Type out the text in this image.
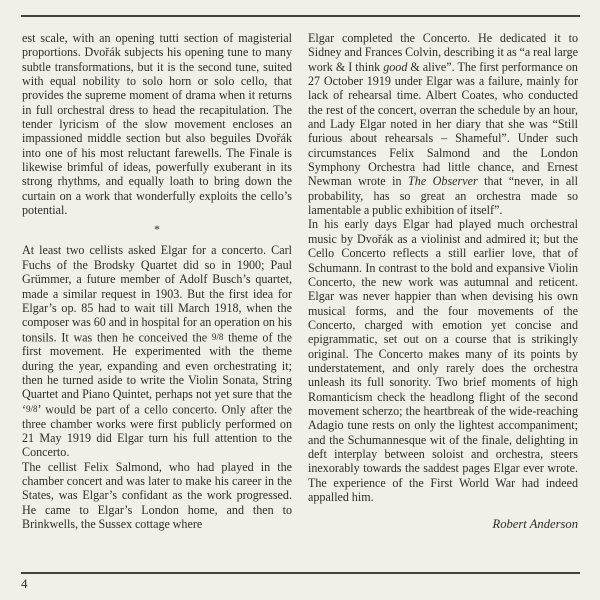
est scale, with an opening tutti section of magisterial proportions. Dvořák subjects his opening tune to many subtle transformations, but it is the second tune, suited with equal nobility to solo horn or solo cello, that provides the supreme moment of drama when it returns in full orchestral dress to head the recapitulation. The tender lyricism of the slow movement encloses an impassioned middle section but also beguiles Dvořák into one of his most reluctant farewells. The Finale is likewise brimful of ideas, powerfully exuberant in its strong rhythms, and equally loath to bring down the curtain on a work that wonderfully exploits the cello’s potential.

*

At least two cellists asked Elgar for a concerto. Carl Fuchs of the Brodsky Quartet did so in 1900; Paul Grümmer, a future member of Adolf Busch’s quartet, made a similar request in 1903. But the first idea for Elgar’s op. 85 had to wait till March 1918, when the composer was 60 and in hospital for an operation on his tonsils. It was then he conceived the 9/8 theme of the first movement. He experimented with the theme during the year, expanding and even orchestrating it; then he turned aside to write the Violin Sonata, String Quartet and Piano Quintet, perhaps not yet sure that the ‘9/8’ would be part of a cello concerto. Only after the three chamber works were first publicly performed on 21 May 1919 did Elgar turn his full attention to the Concerto.

The cellist Felix Salmond, who had played in the chamber concert and was later to make his career in the States, was Elgar’s confidant as the work progressed. He came to Elgar’s London home, and then to Brinkwells, the Sussex cottage where

Elgar completed the Concerto. He dedicated it to Sidney and Frances Colvin, describing it as “a real large work & I think good & alive”. The first performance on 27 October 1919 under Elgar was a failure, mainly for lack of rehearsal time. Albert Coates, who conducted the rest of the concert, overran the schedule by an hour, and Lady Elgar noted in her diary that she was “Still furious about rehearsals – Shameful”. Under such circumstances Felix Salmond and the London Symphony Orchestra had little chance, and Ernest Newman wrote in The Observer that “never, in all probability, has so great an orchestra made so lamentable a public exhibition of itself”.

In his early days Elgar had played much orchestral music by Dvořák as a violinist and admired it; but the Cello Concerto reflects a still earlier love, that of Schumann. In contrast to the bold and expansive Violin Concerto, the new work was autumnal and reticent. Elgar was never happier than when devising his own musical forms, and the four movements of the Concerto, charged with emotion yet concise and epigrammatic, set out on a course that is strikingly original. The Concerto makes many of its points by understatement, and only rarely does the orchestra unleash its full sonority. Two brief moments of high Romanticism check the headlong flight of the second movement scherzo; the heartbreak of the wide-reaching Adagio tune rests on only the lightest accompaniment; and the Schumannesque wit of the finale, delighting in deft interplay between soloist and orchestra, steers inexorably towards the saddest pages Elgar ever wrote. The experience of the First World War had indeed appalled him.

Robert Anderson
4
